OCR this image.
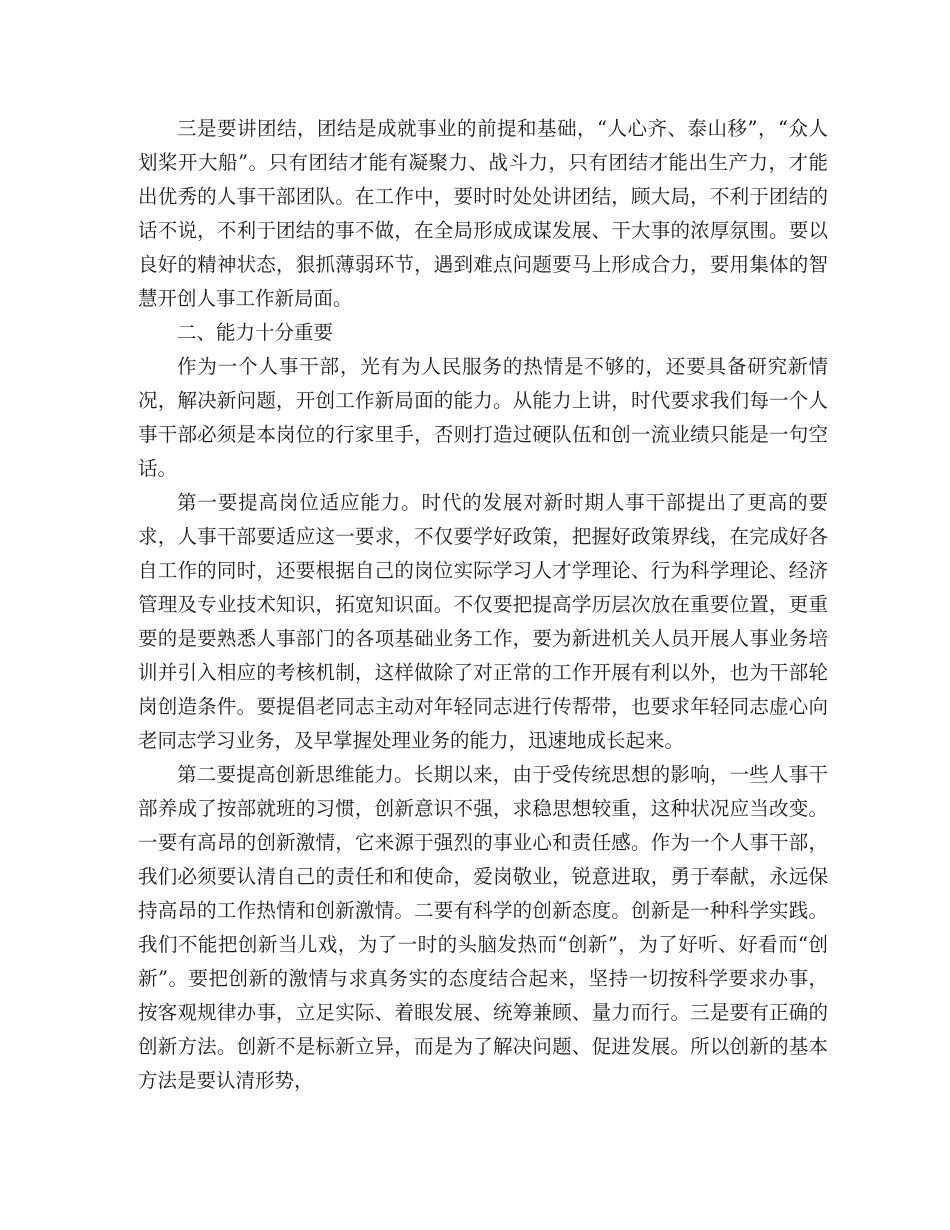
三是要讲团结，团结是成就事业的前提和基础，“人心齐、泰山移”，“众人划桨开大船”。只有团结才能有凝聚力、战斗力，只有团结才能出生产力，才能出优秀的人事干部团队。在工作中，要时时处处讲团结，顾大局，不利于团结的话不说，不利于团结的事不做，在全局形成成谋发展、干大事的浓厚氛围。要以良好的精神状态，狠抓薄弱环节，遇到难点问题要马上形成合力，要用集体的智慧开创人事工作新局面。

二、能力十分重要

作为一个人事干部，光有为人民服务的热情是不够的，还要具备研究新情况，解决新问题，开创工作新局面的能力。从能力上讲，时代要求我们每一个人事干部必须是本岗位的行家里手，否则打造过硬队伍和创一流业绩只能是一句空话。

第一要提高岗位适应能力。时代的发展对新时期人事干部提出了更高的要求，人事干部要适应这一要求，不仅要学好政策，把握好政策界线，在完成好各自工作的同时，还要根据自己的岗位实际学习人才学理论、行为科学理论、经济管理及专业技术知识，拓宽知识面。不仅要把提高学历层次放在重要位置，更重要的是要熟悉人事部门的各项基础业务工作，要为新进机关人员开展人事业务培训并引入相应的考核机制，这样做除了对正常的工作开展有利以外，也为干部轮岗创造条件。要提倡老同志主动对年轻同志进行传帮带，也要求年轻同志虚心向老同志学习业务，及早掌握处理业务的能力，迅速地成长起来。

第二要提高创新思维能力。长期以来，由于受传统思想的影响，一些人事干部养成了按部就班的习惯，创新意识不强，求稳思想较重，这种状况应当改变。一要有高昂的创新激情，它来源于强烈的事业心和责任感。作为一个人事干部，我们必须要认清自己的责任和和使命，爱岗敬业，锐意进取，勇于奉献，永远保持高昂的工作热情和创新激情。二要有科学的创新态度。创新是一种科学实践。我们不能把创新当儿戏，为了一时的头脑发热而“创新”，为了好听、好看而“创新”。要把创新的激情与求真务实的态度结合起来，坚持一切按科学要求办事，按客观规律办事，立足实际、着眼发展、统筹兼顾、量力而行。三是要有正确的创新方法。创新不是标新立异，而是为了解决问题、促进发展。所以创新的基本方法是要认清形势，
